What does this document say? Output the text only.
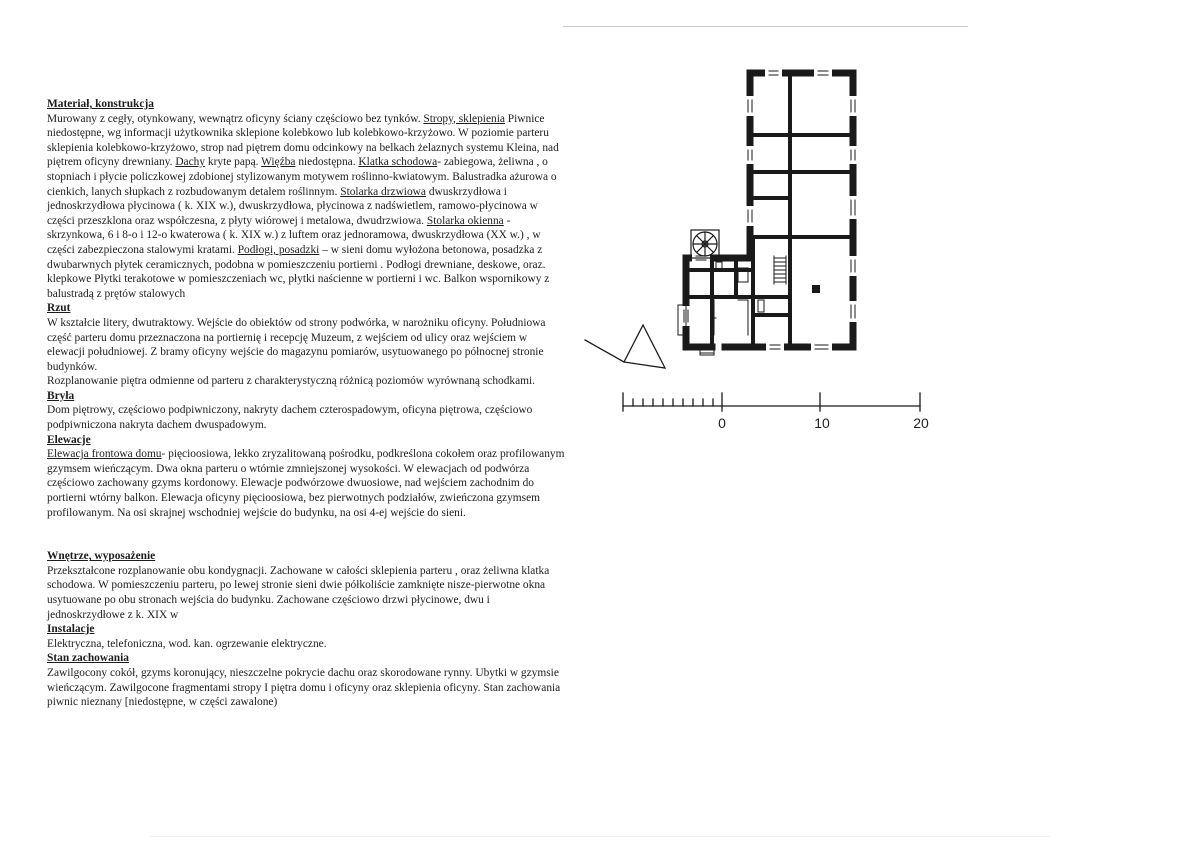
Materiał, konstrukcja

Murowany z cegły, otynkowany, wewnątrz oficyny ściany częściowo bez tynków. Stropy, sklepienia Piwnice niedostępne, wg informacji użytkownika sklepione kolebkowo lub kolebkowo-krzyżowo. W poziomie parteru sklepienia kolebkowo-krzyżowo, strop nad piętrem domu odcinkowy na belkach żelaznych systemu Kleina, nad piętrem oficyny drewniany. Dachy kryte papą. Więźba niedostępna. Klatka schodowa- zabiegowa, żeliwna , o stopniach i płycie policzkowej zdobionej stylizowanym motywem roślinno-kwiatowym. Balustradka ażurowa o cienkich, lanych słupkach z rozbudowanym detalem roślinnym. Stolarka drzwiowa dwuskrzydłowa i jednoskrzydłowa płycinowa ( k. XIX w.), dwuskrzydłowa, płycinowa z nadświetlem, ramowo-płycinowa w części przeszklona oraz współczesna, z płyty wiórowej i metalowa, dwudrzwiowa. Stolarka okienna - skrzynkowa, 6 i 8-o i 12-o kwaterowa ( k. XIX w.) z luftem oraz jednoramowa, dwuskrzydłowa (XX w.) , w części zabezpieczona stalowymi kratami. Podłogi, posadzki – w sieni domu wyłożona betonowa, posadzka z dwubarwnych płytek ceramicznych, podobna w pomieszczeniu portierni . Podłogi drewniane, deskowe, oraz. klepkowe Płytki terakotowe w pomieszczeniach wc, płytki naścienne w portierni i wc. Balkon wspornikowy z balustradą z prętów stalowych

Rzut

W kształcie litery, dwutraktowy. Wejście do obiektów od strony podwórka, w narożniku oficyny. Południowa część parteru domu przeznaczona na portiernię i recepcję Muzeum, z wejściem od ulicy oraz wejściem w elewacji południowej. Z bramy oficyny wejście do magazynu pomiarów, usytuowanego po północnej stronie budynków.

Rozplanowanie piętra odmienne od parteru z charakterystyczną różnicą poziomów wyrównaną schodkami.

Bryła

Dom piętrowy, częściowo podpiwniczony, nakryty dachem czterospadowym, oficyna piętrowa, częściowo podpiwniczona nakryta dachem dwuspadowym.

Elewacje

Elewacja frontowa domu- pięcioosiowa, lekko zryzalitowaną pośrodku, podkreślona cokołem oraz profilowanym gzymsem wieńczącym. Dwa okna parteru o wtórnie zmniejszonej wysokości. W elewacjach od podwórza częściowo zachowany gzyms kordonowy. Elewacje podwórzowe dwuosiowe, nad wejściem zachodnim do portierni wtórny balkon. Elewacja oficyny pięcioosiowa, bez pierwotnych podziałów, zwieńczona gzymsem profilowanym. Na osi skrajnej wschodniej wejście do budynku, na osi 4-ej wejście do sieni.

Wnętrze, wyposażenie

Przekształcone rozplanowanie obu kondygnacji. Zachowane w całości sklepienia parteru , oraz żeliwna klatka schodowa. W pomieszczeniu parteru, po lewej stronie sieni dwie półkoliście zamknięte nisze-pierwotne okna usytuowane po obu stronach wejścia do budynku. Zachowane częściowo drzwi płycinowe, dwu i jednoskrzydłowe z k. XIX w

Instalacje

Elektryczna, telefoniczna, wod. kan. ogrzewanie elektryczne.

Stan zachowania

Zawilgocony cokół, gzyms koronujący, nieszczelne pokrycie dachu oraz skorodowane rynny. Ubytki w gzymsie wieńczącym. Zawilgocone fragmentami stropy I piętra domu i oficyny oraz sklepienia oficyny. Stan zachowania piwnic nieznany [niedostępne, w części zawalone)

0	10	20
